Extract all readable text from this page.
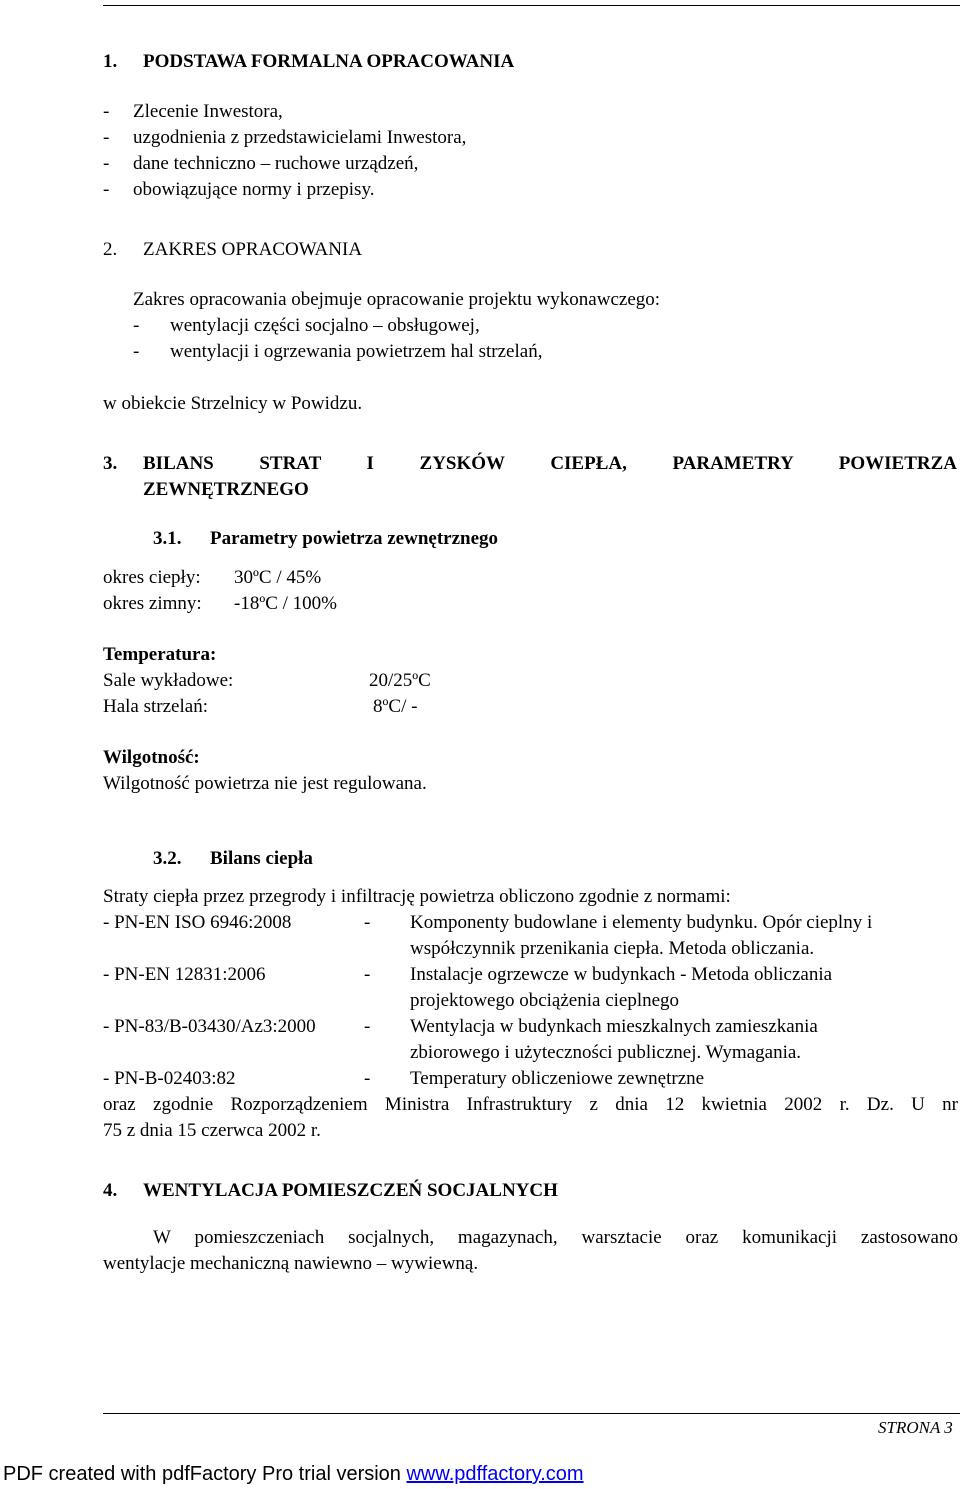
1. PODSTAWA FORMALNA OPRACOWANIA
- Zlecenie Inwestora,
- uzgodnienia z przedstawicielami Inwestora,
- dane techniczno – ruchowe urządzeń,
- obowiązujące normy i przepisy.
2. ZAKRES OPRACOWANIA
Zakres opracowania obejmuje opracowanie projektu wykonawczego:
- wentylacji części socjalno – obsługowej,
- wentylacji i ogrzewania powietrzem hal strzelań,
w obiekcie Strzelnicy w Powidzu.
3. BILANS STRAT I ZYSKÓW CIEPŁA, PARAMETRY POWIETRZA
ZEWNĘTRZNEGO
3.1. Parametry powietrza zewnętrznego
okres ciepły: 30ºC / 45%
okres zimny: -18ºC / 100%
Temperatura:
Sale wykładowe:	20/25ºC
Hala strzelań:	8ºC/ -
Wilgotność:
Wilgotność powietrza nie jest regulowana.
3.2. Bilans ciepła
Straty ciepła przez przegrody i infiltrację powietrza obliczono zgodnie z normami:
- PN-EN ISO 6946:2008	- Komponenty budowlane i elementy budynku. Opór cieplny i
współczynnik przenikania ciepła. Metoda obliczania.
- PN-EN 12831:2006	- Instalacje ogrzewcze w budynkach - Metoda obliczania
projektowego obciążenia cieplnego
- PN-83/B-03430/Az3:2000	- Wentylacja w budynkach mieszkalnych zamieszkania
zbiorowego i użyteczności publicznej. Wymagania.
- PN-B-02403:82	- Temperatury obliczeniowe zewnętrzne
oraz zgodnie Rozporządzeniem Ministra Infrastruktury z dnia 12 kwietnia 2002 r. Dz. U nr
75 z dnia 15 czerwca 2002 r.
4. WENTYLACJA POMIESZCZEŃ SOCJALNYCH
W pomieszczeniach socjalnych, magazynach, warsztacie oraz komunikacji zastosowano
wentylacje mechaniczną nawiewno – wywiewną.
STRONA 3
PDF created with pdfFactory Pro trial version www.pdffactory.com
